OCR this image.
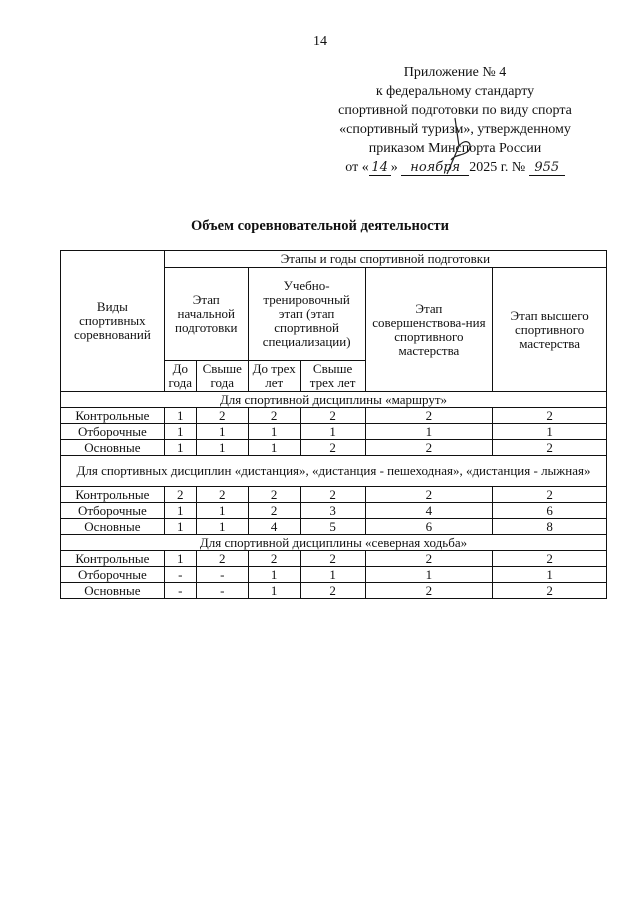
14
Приложение № 4
к федеральному стандарту
спортивной подготовки по виду спорта
«спортивный туризм», утвержденному
приказом Минспорта России
от « 14 » ноября 2025 г. № 955
Объем соревновательной деятельности
Виды спортивных соревнований	Этапы и годы спортивной подготовки					
	Этап начальной подготовки		Учебно-тренировочный этап (этап спортивной специализации)		Этап совершенствова-ния спортивного мастерства	Этап высшего спортивного мастерства
	До года	Свыше года	До трех лет	Свыше трех лет		
Для спортивной дисциплины «маршрут»						
Контрольные	1	2	2	2	2	2
Отборочные	1	1	1	1	1	1
Основные	1	1	1	2	2	2
Для спортивных дисциплин «дистанция», «дистанция - пешеходная», «дистанция - лыжная»						
Контрольные	2	2	2	2	2	2
Отборочные	1	1	2	3	4	6
Основные	1	1	4	5	6	8
Для спортивной дисциплины «северная ходьба»						
Контрольные	1	2	2	2	2	2
Отборочные	-	-	1	1	1	1
Основные	-	-	1	2	2	2
